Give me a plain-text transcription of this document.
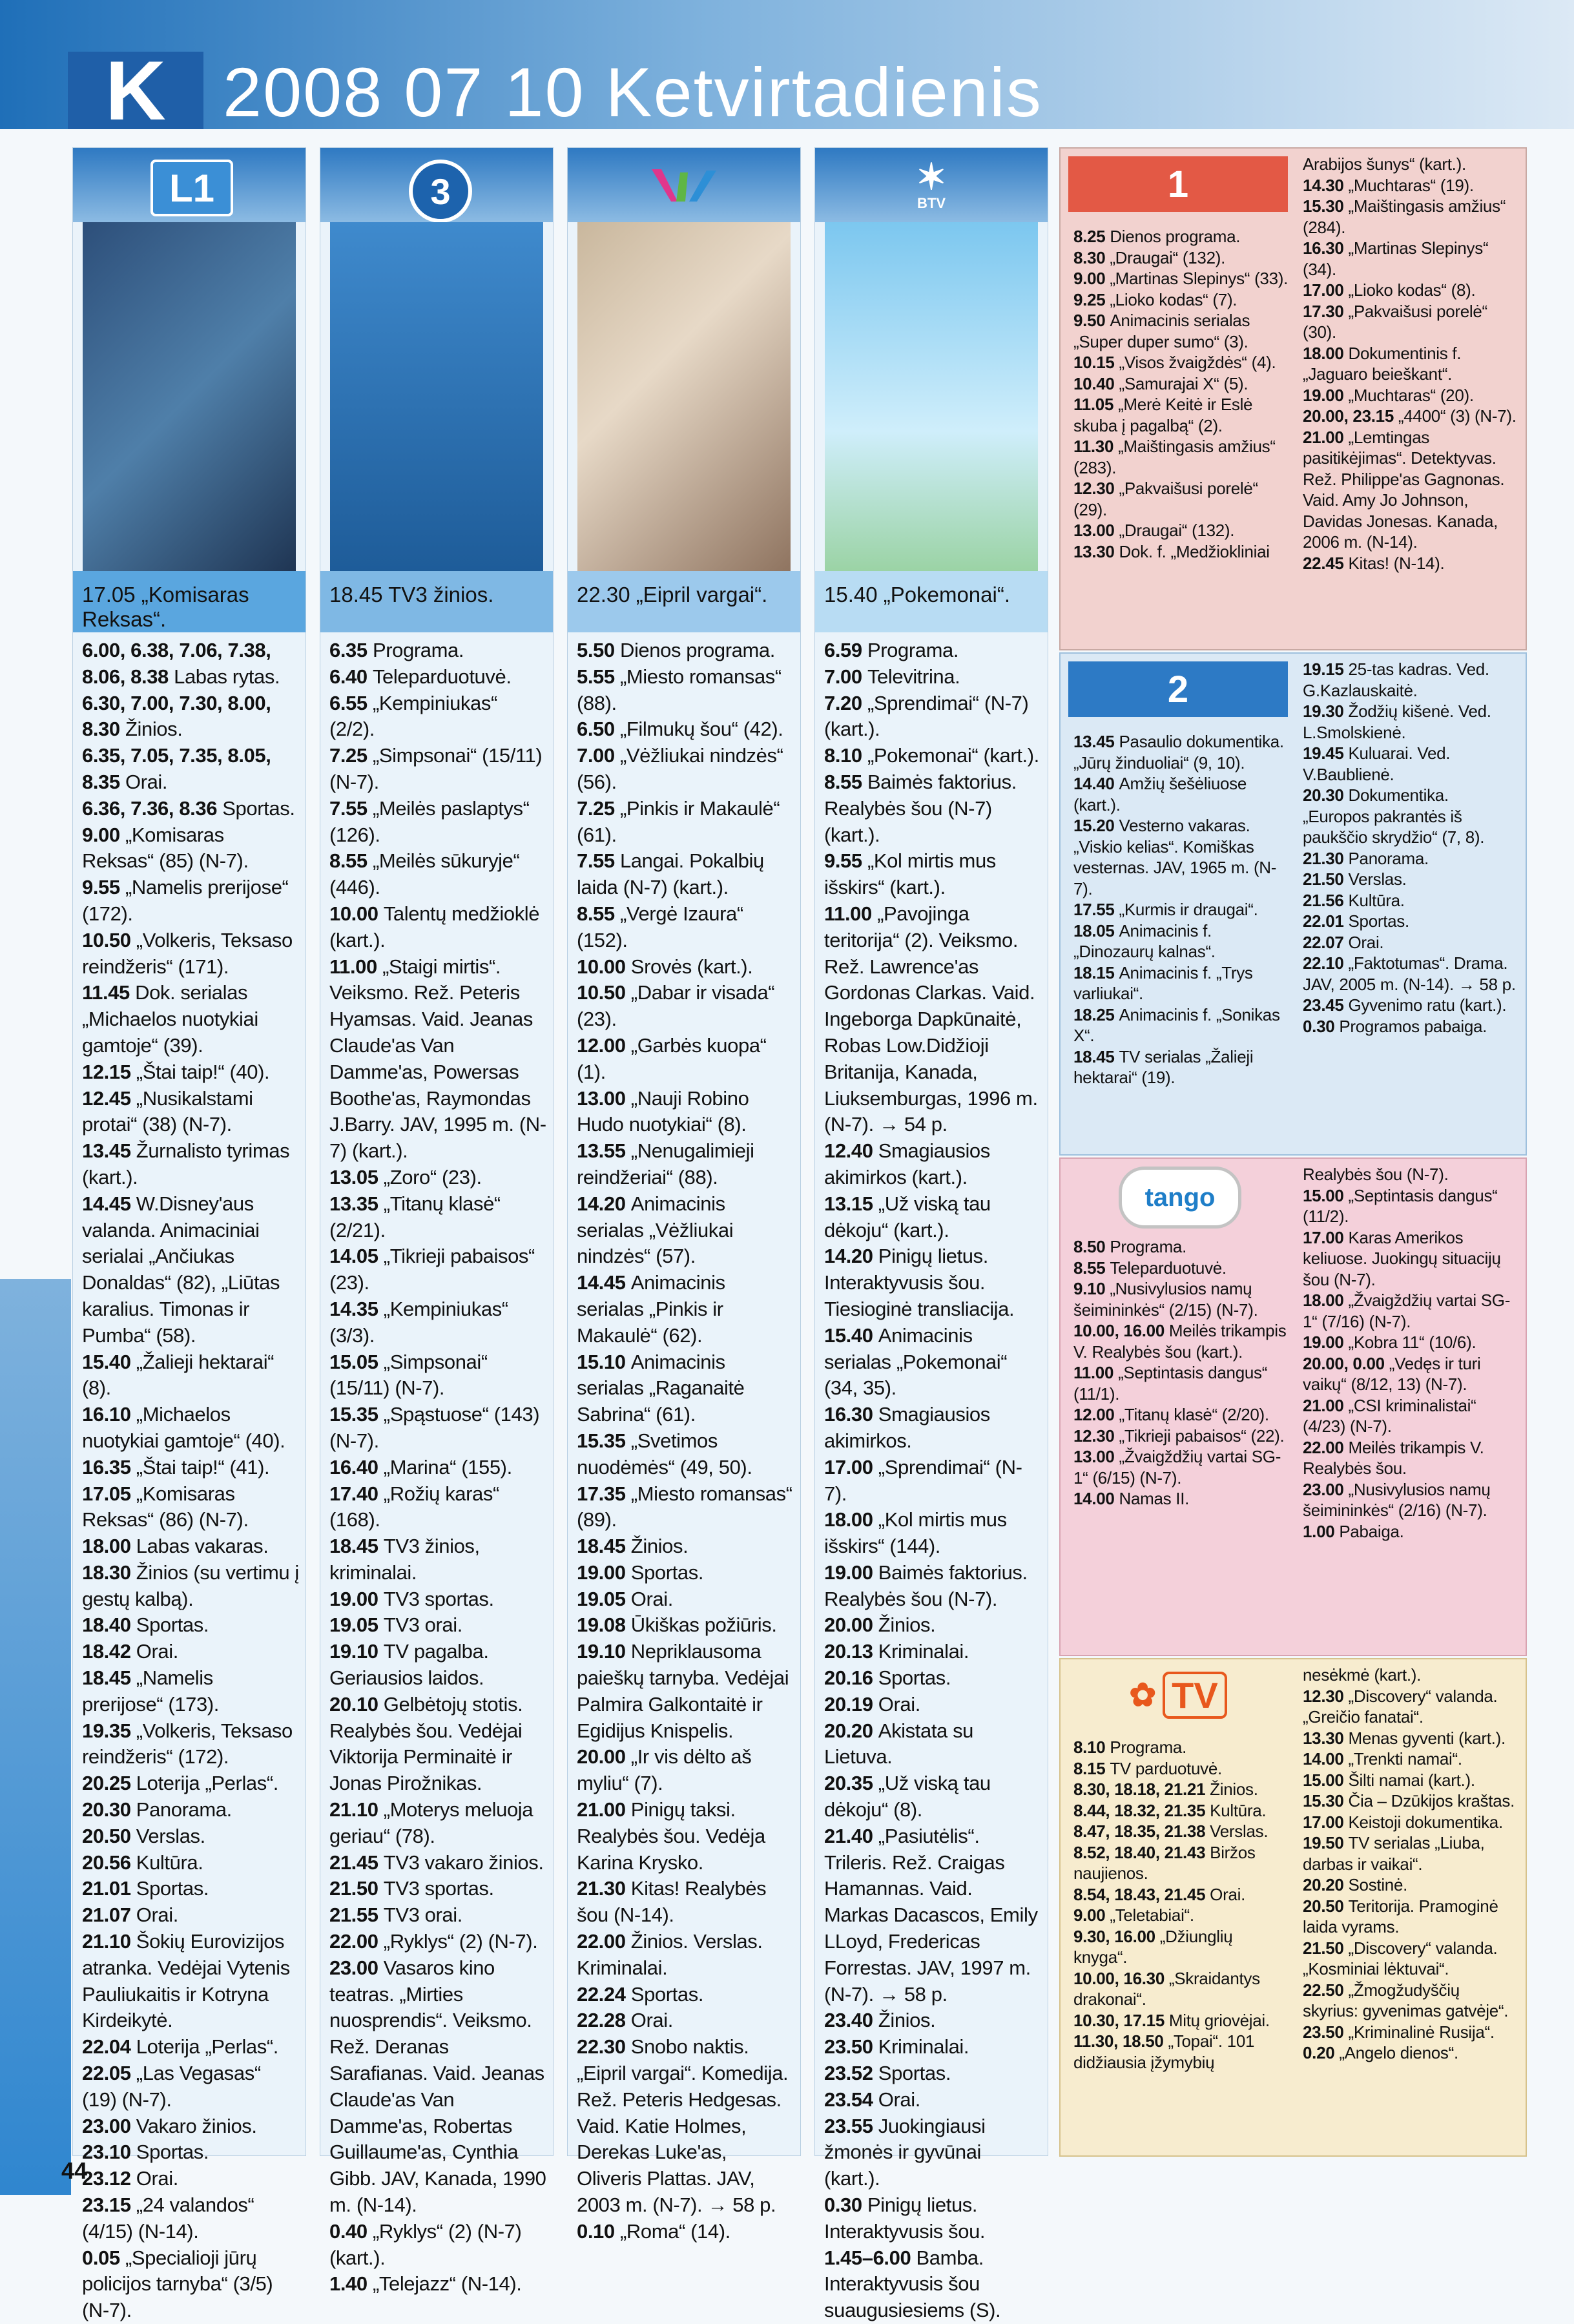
K 2008 07 10 Ketvirtadienis
L1
17.05 „Komisaras Reksas“.

6.00, 6.38, 7.06, 7.38, 8.06, 8.38 Labas rytas.

6.30, 7.00, 7.30, 8.00, 8.30 Žinios.

6.35, 7.05, 7.35, 8.05, 8.35 Orai.

6.36, 7.36, 8.36 Sportas.

9.00 „Komisaras Reksas“ (85) (N-7).

9.55 „Namelis prerijose“ (172).

10.50 „Volkeris, Teksaso reindžeris“ (171).

11.45 Dok. serialas „Michaelos nuotykiai gamtoje“ (39).

12.15 „Štai taip!“ (40).

12.45 „Nusikalstami protai“ (38) (N-7).

13.45 Žurnalisto tyrimas (kart.).

14.45 W.Disney'aus valanda. Animaciniai serialai „Ančiukas Donaldas“ (82), „Liūtas karalius. Timonas ir Pumba“ (58).

15.40 „Žalieji hektarai“ (8).

16.10 „Michaelos nuotykiai gamtoje“ (40).

16.35 „Štai taip!“ (41).

17.05 „Komisaras Reksas“ (86) (N-7).

18.00 Labas vakaras.

18.30 Žinios (su vertimu į gestų kalbą).

18.40 Sportas.

18.42 Orai.

18.45 „Namelis prerijose“ (173).

19.35 „Volkeris, Teksaso reindžeris“ (172).

20.25 Loterija „Perlas“.

20.30 Panorama.

20.50 Verslas.

20.56 Kultūra.

21.01 Sportas.

21.07 Orai.

21.10 Šokių Eurovizijos atranka. Vedėjai Vytenis Pauliukaitis ir Kotryna Kirdeikytė.

22.04 Loterija „Perlas“.

22.05 „Las Vegasas“ (19) (N-7).

23.00 Vakaro žinios.

23.10 Sportas.

23.12 Orai.

23.15 „24 valandos“ (4/15) (N-14).

0.05 „Specialioji jūrų policijos tarnyba“ (3/5) (N-7).

3
18.45 TV3 žinios.

6.35 Programa.

6.40 Teleparduotuvė.

6.55 „Kempiniukas“ (2/2).

7.25 „Simpsonai“ (15/11) (N-7).

7.55 „Meilės paslaptys“ (126).

8.55 „Meilės sūkuryje“ (446).

10.00 Talentų medžioklė (kart.).

11.00 „Staigi mirtis“. Veiksmo. Rež. Peteris Hyamsas. Vaid. Jeanas Claude'as Van Damme'as, Powersas Boothe'as, Raymondas J.Barry. JAV, 1995 m. (N-7) (kart.).

13.05 „Zoro“ (23).

13.35 „Titanų klasė“ (2/21).

14.05 „Tikrieji pabaisos“ (23).

14.35 „Kempiniukas“ (3/3).

15.05 „Simpsonai“ (15/11) (N-7).

15.35 „Spąstuose“ (143) (N-7).

16.40 „Marina“ (155).

17.40 „Rožių karas“ (168).

18.45 TV3 žinios, kriminalai.

19.00 TV3 sportas.

19.05 TV3 orai.

19.10 TV pagalba. Geriausios laidos.

20.10 Gelbėtojų stotis. Realybės šou. Vedėjai Viktorija Perminaitė ir Jonas Pirožnikas.

21.10 „Moterys meluoja geriau“ (78).

21.45 TV3 vakaro žinios.

21.50 TV3 sportas.

21.55 TV3 orai.

22.00 „Ryklys“ (2) (N-7).

23.00 Vasaros kino teatras. „Mirties nuosprendis“. Veiksmo. Rež. Deranas Sarafianas. Vaid. Jeanas Claude'as Van Damme'as, Robertas Guillaume'as, Cynthia Gibb. JAV, Kanada, 1990 m. (N-14).

0.40 „Ryklys“ (2) (N-7) (kart.).

1.40 „Telejazz“ (N-14).

22.30 „Eipril vargai“.

5.50 Dienos programa.

5.55 „Miesto romansas“ (88).

6.50 „Filmukų šou“ (42).

7.00 „Vėžliukai nindzės“ (56).

7.25 „Pinkis ir Makaulė“ (61).

7.55 Langai. Pokalbių laida (N-7) (kart.).

8.55 „Vergė Izaura“ (152).

10.00 Srovės (kart.).

10.50 „Dabar ir visada“ (23).

12.00 „Garbės kuopa“ (1).

13.00 „Nauji Robino Hudo nuotykiai“ (8).

13.55 „Nenugalimieji reindžeriai“ (88).

14.20 Animacinis serialas „Vėžliukai nindzės“ (57).

14.45 Animacinis serialas „Pinkis ir Makaulė“ (62).

15.10 Animacinis serialas „Raganaitė Sabrina“ (61).

15.35 „Svetimos nuodėmės“ (49, 50).

17.35 „Miesto romansas“ (89).

18.45 Žinios.

19.00 Sportas.

19.05 Orai.

19.08 Ūkiškas požiūris.

19.10 Nepriklausoma paieškų tarnyba. Vedėjai Palmira Galkontaitė ir Egidijus Knispelis.

20.00 „Ir vis dėlto aš myliu“ (7).

21.00 Pinigų taksi. Realybės šou. Vedėja Karina Krysko.

21.30 Kitas! Realybės šou (N-14).

22.00 Žinios. Verslas. Kriminalai.

22.24 Sportas.

22.28 Orai.

22.30 Snobo naktis. „Eipril vargai“. Komedija. Rež. Peteris Hedgesas. Vaid. Katie Holmes, Derekas Luke'as, Oliveris Plattas. JAV, 2003 m. (N-7). → 58 p.

0.10 „Roma“ (14).

✶
BTV
15.40 „Pokemonai“.

6.59 Programa.

7.00 Televitrina.

7.20 „Sprendimai“ (N-7) (kart.).

8.10 „Pokemonai“ (kart.).

8.55 Baimės faktorius. Realybės šou (N-7) (kart.).

9.55 „Kol mirtis mus išskirs“ (kart.).

11.00 „Pavojinga teritorija“ (2). Veiksmo. Rež. Lawrence'as Gordonas Clarkas. Vaid. Ingeborga Dapkūnaitė, Robas Low.Didžioji Britanija, Kanada, Liuksemburgas, 1996 m. (N-7). → 54 p.

12.40 Smagiausios akimirkos (kart.).

13.15 „Už viską tau dėkoju“ (kart.).

14.20 Pinigų lietus. Interaktyvusis šou. Tiesioginė transliacija.

15.40 Animacinis serialas „Pokemonai“ (34, 35).

16.30 Smagiausios akimirkos.

17.00 „Sprendimai“ (N-7).

18.00 „Kol mirtis mus išskirs“ (144).

19.00 Baimės faktorius. Realybės šou (N-7).

20.00 Žinios.

20.13 Kriminalai.

20.16 Sportas.

20.19 Orai.

20.20 Akistata su Lietuva.

20.35 „Už viską tau dėkoju“ (8).

21.40 „Pasiutėlis“. Trileris. Rež. Craigas Hamannas. Vaid. Markas Dacascos, Emily LLoyd, Fredericas Forrestas. JAV, 1997 m. (N-7). → 58 p.

23.40 Žinios.

23.50 Kriminalai.

23.52 Sportas.

23.54 Orai.

23.55 Juokingiausi žmonės ir gyvūnai (kart.).

0.30 Pinigų lietus. Interaktyvusis šou.

1.45–6.00 Bamba. Interaktyvusis šou suaugusiesiems (S).

1

8.25 Dienos programa.

8.30 „Draugai“ (132).

9.00 „Martinas Slepinys“ (33).

9.25 „Lioko kodas“ (7).

9.50 Animacinis serialas „Super duper sumo“ (3).

10.15 „Visos žvaigždės“ (4).

10.40 „Samurajai X“ (5).

11.05 „Merė Keitė ir Eslė skuba į pagalbą“ (2).

11.30 „Maištingasis amžius“ (283).

12.30 „Pakvaišusi porelė“ (29).

13.00 „Draugai“ (132).

13.30 Dok. f. „Medžiokliniai

Arabijos šunys“ (kart.).

14.30 „Muchtaras“ (19).

15.30 „Maištingasis amžius“ (284).

16.30 „Martinas Slepinys“ (34).

17.00 „Lioko kodas“ (8).

17.30 „Pakvaišusi porelė“ (30).

18.00 Dokumentinis f. „Jaguaro beieškant“.

19.00 „Muchtaras“ (20).

20.00, 23.15 „4400“ (3) (N-7).

21.00 „Lemtingas pasitikėjimas“. Detektyvas. Rež. Philippe'as Gagnonas. Vaid. Amy Jo Johnson, Davidas Jonesas. Kanada, 2006 m. (N-14).

22.45 Kitas! (N-14).

2

13.45 Pasaulio dokumentika. „Jūrų žinduoliai“ (9, 10).

14.40 Amžių šešėliuose (kart.).

15.20 Vesterno vakaras. „Viskio kelias“. Komiškas vesternas. JAV, 1965 m. (N-7).

17.55 „Kurmis ir draugai“.

18.05 Animacinis f. „Dinozaurų kalnas“.

18.15 Animacinis f. „Trys varliukai“.

18.25 Animacinis f. „Sonikas X“.

18.45 TV serialas „Žalieji hektarai“ (19).

19.15 25-tas kadras. Ved. G.Kazlauskaitė.

19.30 Žodžių kišenė. Ved. L.Smolskienė.

19.45 Kuluarai. Ved. V.Baublienė.

20.30 Dokumentika. „Europos pakrantės iš paukščio skrydžio“ (7, 8).

21.30 Panorama.

21.50 Verslas.

21.56 Kultūra.

22.01 Sportas.

22.07 Orai.

22.10 „Faktotumas“. Drama. JAV, 2005 m. (N-14). → 58 p.

23.45 Gyvenimo ratu (kart.).

0.30 Programos pabaiga.

tango

8.50 Programa.

8.55 Teleparduotuvė.

9.10 „Nusivylusios namų šeimininkės“ (2/15) (N-7).

10.00, 16.00 Meilės trikampis V. Realybės šou (kart.).

11.00 „Septintasis dangus“ (11/1).

12.00 „Titanų klasė“ (2/20).

12.30 „Tikrieji pabaisos“ (22).

13.00 „Žvaigždžių vartai SG-1“ (6/15) (N-7).

14.00 Namas II.

Realybės šou (N-7).

15.00 „Septintasis dangus“ (11/2).

17.00 Karas Amerikos keliuose. Juokingų situacijų šou (N-7).

18.00 „Žvaigždžių vartai SG-1“ (7/16) (N-7).

19.00 „Kobra 11“ (10/6).

20.00, 0.00 „Vedęs ir turi vaikų“ (8/12, 13) (N-7).

21.00 „CSI kriminalistai“ (4/23) (N-7).

22.00 Meilės trikampis V. Realybės šou.

23.00 „Nusivylusios namų šeimininkės“ (2/16) (N-7).

1.00 Pabaiga.

✿ TV

8.10 Programa.

8.15 TV parduotuvė.

8.30, 18.18, 21.21 Žinios.

8.44, 18.32, 21.35 Kultūra.

8.47, 18.35, 21.38 Verslas.

8.52, 18.40, 21.43 Biržos naujienos.

8.54, 18.43, 21.45 Orai.

9.00 „Teletabiai“.

9.30, 16.00 „Džiunglių knyga“.

10.00, 16.30 „Skraidantys drakonai“.

10.30, 17.15 Mitų griovėjai.

11.30, 18.50 „Topai“. 101 didžiausia įžymybių

nesėkmė (kart.).

12.30 „Discovery“ valanda. „Greičio fanatai“.

13.30 Menas gyventi (kart.).

14.00 „Trenkti namai“.

15.00 Šilti namai (kart.).

15.30 Čia – Dzūkijos kraštas.

17.00 Keistoji dokumentika.

19.50 TV serialas „Liuba, darbas ir vaikai“.

20.20 Sostinė.

20.50 Teritorija. Pramoginė laida vyrams.

21.50 „Discovery“ valanda. „Kosminiai lėktuvai“.

22.50 „Žmogžudyščių skyrius: gyvenimas gatvėje“.

23.50 „Kriminalinė Rusija“.

0.20 „Angelo dienos“.

44
